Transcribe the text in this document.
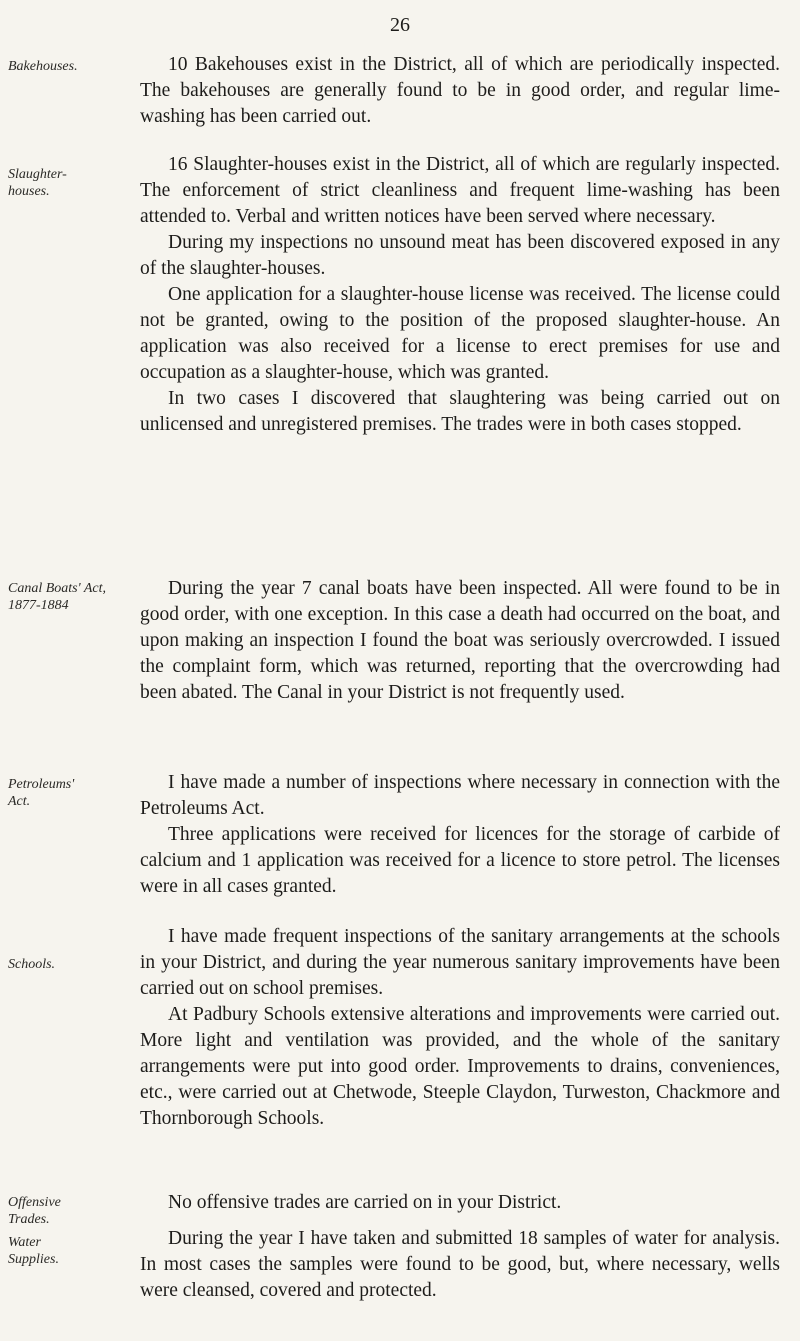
26
Bakehouses.	10 Bakehouses exist in the District, all of which are periodically inspected. The bakehouses are generally found to be in good order, and regular lime-washing has been carried out.

Slaughter-houses.

16 Slaughter-houses exist in the District, all of which are regularly inspected. The enforcement of strict cleanliness and frequent lime-washing has been attended to. Verbal and written notices have been served where necessary.

During my inspections no unsound meat has been discovered exposed in any of the slaughter-houses.

One application for a slaughter-house license was received. The license could not be granted, owing to the position of the proposed slaughter-house. An application was also received for a license to erect premises for use and occupation as a slaughter-house, which was granted.

In two cases I discovered that slaughtering was being carried out on unlicensed and unregistered premises. The trades were in both cases stopped.

Canal Boats' Act, 1877-1884

During the year 7 canal boats have been inspected. All were found to be in good order, with one exception. In this case a death had occurred on the boat, and upon making an inspection I found the boat was seriously overcrowded. I issued the complaint form, which was returned, reporting that the overcrowding had been abated. The Canal in your District is not frequently used.

Petroleums' Act.

I have made a number of inspections where necessary in connection with the Petroleums Act.

Three applications were received for licences for the storage of carbide of calcium and 1 application was received for a licence to store petrol. The licenses were in all cases granted.

Schools.

I have made frequent inspections of the sanitary arrangements at the schools in your District, and during the year numerous sanitary improvements have been carried out on school premises.

At Padbury Schools extensive alterations and improvements were carried out. More light and ventilation was provided, and the whole of the sanitary arrangements were put into good order. Improvements to drains, conveniences, etc., were carried out at Chetwode, Steeple Claydon, Turweston, Chackmore and Thornborough Schools.

Offensive Trades.

No offensive trades are carried on in your District.

Water Supplies.

During the year I have taken and submitted 18 samples of water for analysis. In most cases the samples were found to be good, but, where necessary, wells were cleansed, covered and protected.
